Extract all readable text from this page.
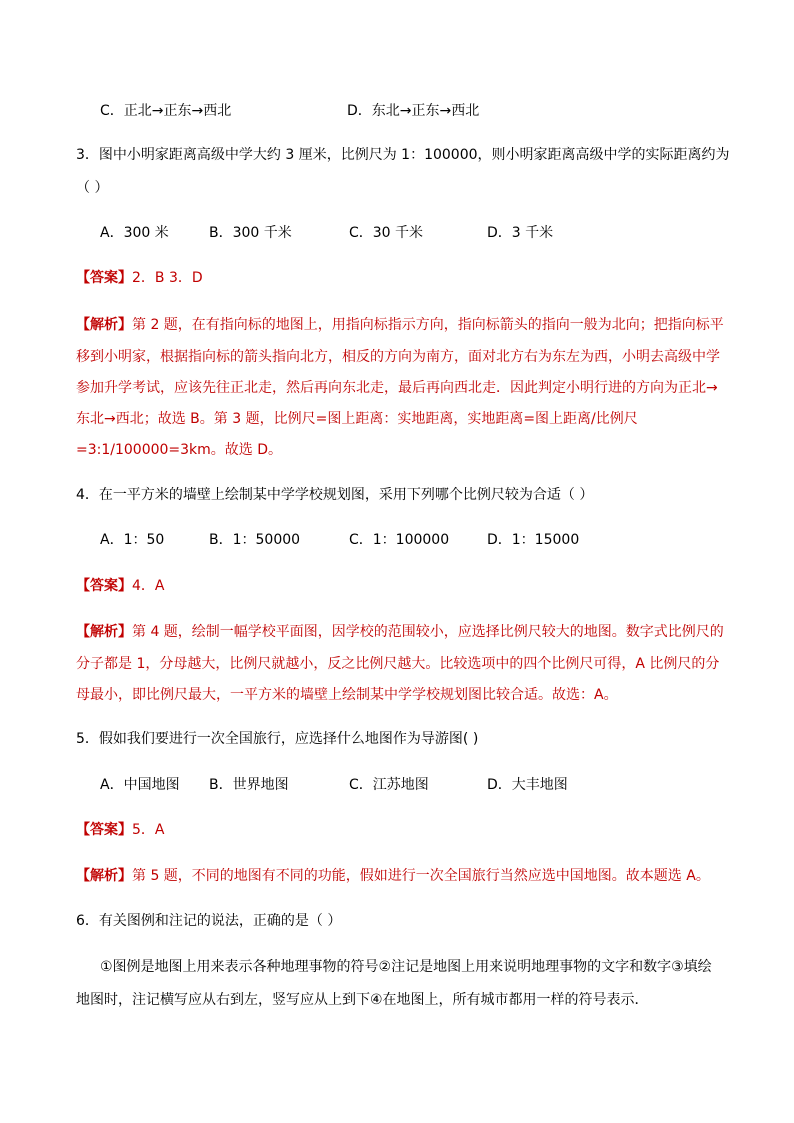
C．正北→正东→西北	D．东北→正东→西北
3．图中小明家距离高级中学大约 3 厘米，比例尺为 1：100000，则小明家距离高级中学的实际距离约为
（ ）
A．300 米	B．300 千米	C．30 千米	D．3 千米
【答案】2．B 3．D
【解析】第 2 题，在有指向标的地图上，用指向标指示方向，指向标箭头的指向一般为北向；把指向标平
移到小明家，根据指向标的箭头指向北方，相反的方向为南方，面对北方右为东左为西，小明去高级中学
参加升学考试，应该先往正北走，然后再向东北走，最后再向西北走．因此判定小明行进的方向为正北→
东北→西北；故选 B。第 3 题，比例尺=图上距离：实地距离，实地距离=图上距离/比例尺
=3:1/100000=3km。故选 D。
4．在一平方米的墙壁上绘制某中学学校规划图，采用下列哪个比例尺较为合适（ ）
A．1：50	B．1：50000	C．1：100000	D．1：15000
【答案】4．A
【解析】第 4 题，绘制一幅学校平面图，因学校的范围较小，应选择比例尺较大的地图。数字式比例尺的
分子都是 1，分母越大，比例尺就越小，反之比例尺越大。比较选项中的四个比例尺可得，A 比例尺的分
母最小，即比例尺最大，一平方米的墙壁上绘制某中学学校规划图比较合适。故选：A。
5．假如我们要进行一次全国旅行，应选择什么地图作为导游图( )
A．中国地图 B．世界地图	C．江苏地图	D．大丰地图
【答案】5．A
【解析】第 5 题，不同的地图有不同的功能，假如进行一次全国旅行当然应选中国地图。故本题选 A。
6．有关图例和注记的说法，正确的是（ ）
①图例是地图上用来表示各种地理事物的符号②注记是地图上用来说明地理事物的文字和数字③填绘
地图时，注记横写应从右到左，竖写应从上到下④在地图上，所有城市都用一样的符号表示．
